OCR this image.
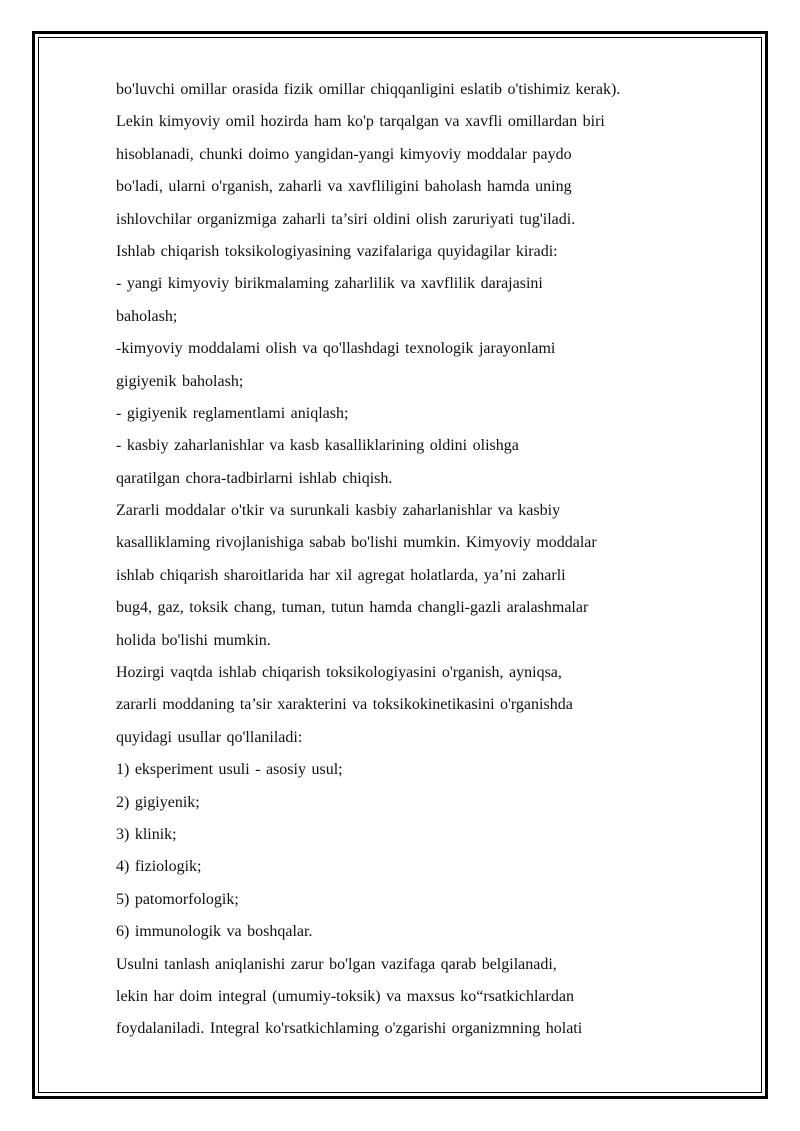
bo'luvchi omillar orasida fizik omillar chiqqanligini eslatib o'tishimiz kerak).
Lekin kimyoviy omil hozirda ham ko'p tarqalgan va xavfli omillardan biri
hisoblanadi, chunki doimo yangidan-yangi kimyoviy moddalar paydo
bo'ladi, ularni o'rganish, zaharli va xavfliligini baholash hamda uning
ishlovchilar organizmiga zaharli ta’siri oldini olish zaruriyati tug'iladi.
Ishlab chiqarish toksikologiyasining vazifalariga quyidagilar kiradi:
- yangi kimyoviy birikmalaming zaharlilik va xavflilik darajasini
baholash;
-kimyoviy moddalami olish va qo'llashdagi texnologik jarayonlami
gigiyenik baholash;
- gigiyenik reglamentlami aniqlash;
- kasbiy zaharlanishlar va kasb kasalliklarining oldini olishga
qaratilgan chora-tadbirlarni ishlab chiqish.
Zararli moddalar o'tkir va surunkali kasbiy zaharlanishlar va kasbiy
kasalliklaming rivojlanishiga sabab bo'lishi mumkin. Kimyoviy moddalar
ishlab chiqarish sharoitlarida har xil agregat holatlarda, ya’ni zaharli
bug4, gaz, toksik chang, tuman, tutun hamda changli-gazli aralashmalar
holida bo'lishi mumkin.
Hozirgi vaqtda ishlab chiqarish toksikologiyasini o'rganish, ayniqsa,
zararli moddaning ta’sir xarakterini va toksikokinetikasini o'rganishda
quyidagi usullar qo'llaniladi:
1) eksperiment usuli - asosiy usul;
2) gigiyenik;
3) klinik;
4) fiziologik;
5) patomorfologik;
6) immunologik va boshqalar.
Usulni tanlash aniqlanishi zarur bo'lgan vazifaga qarab belgilanadi,
lekin har doim integral (umumiy-toksik) va maxsus ko“rsatkichlardan
foydalaniladi. Integral ko'rsatkichlaming o'zgarishi organizmning holati
